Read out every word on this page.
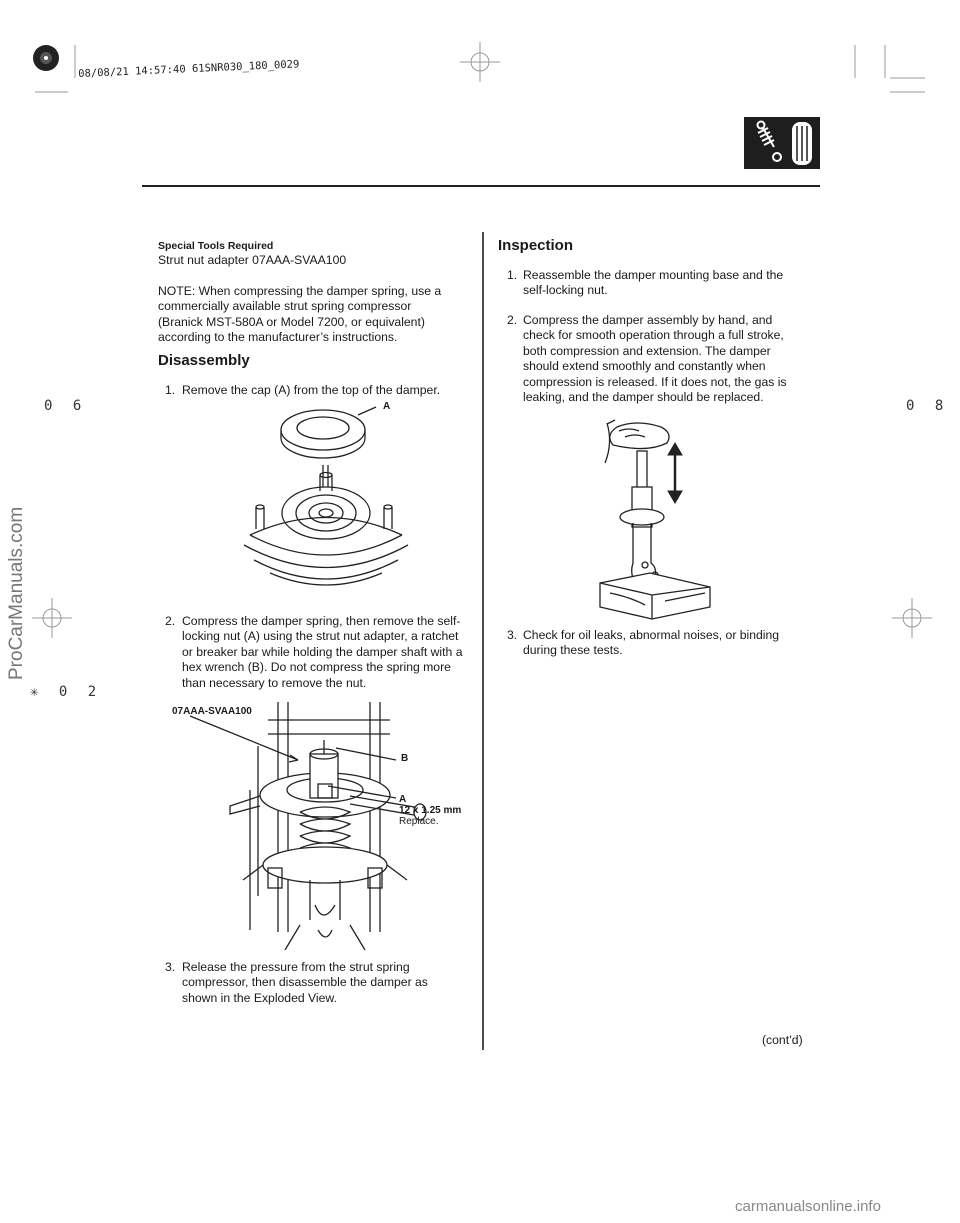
08/08/21 14:57:40 61SNR030_180_0029
0 6	0 8
✳ 0 2
ProCarManuals.com
Special Tools Required
Strut nut adapter 07AAA-SVAA100
NOTE: When compressing the damper spring, use a commercially available strut spring compressor (Branick MST-580A or Model 7200, or equivalent) according to the manufacturer’s instructions.
Disassembly
1. Remove the cap (A) from the top of the damper.
A
2. Compress the damper spring, then remove the self-locking nut (A) using the strut nut adapter, a ratchet or breaker bar while holding the damper shaft with a hex wrench (B). Do not compress the spring more than necessary to remove the nut.
07AAA-SVAA100
B
A
12 x 1.25 mm
Replace.
3. Release the pressure from the strut spring compressor, then disassemble the damper as shown in the Exploded View.
Inspection
1. Reassemble the damper mounting base and the self-locking nut.
2. Compress the damper assembly by hand, and check for smooth operation through a full stroke, both compression and extension. The damper should extend smoothly and constantly when compression is released. If it does not, the gas is leaking, and the damper should be replaced.
3. Check for oil leaks, abnormal noises, or binding during these tests.
(cont’d)
carmanualsonline.info
